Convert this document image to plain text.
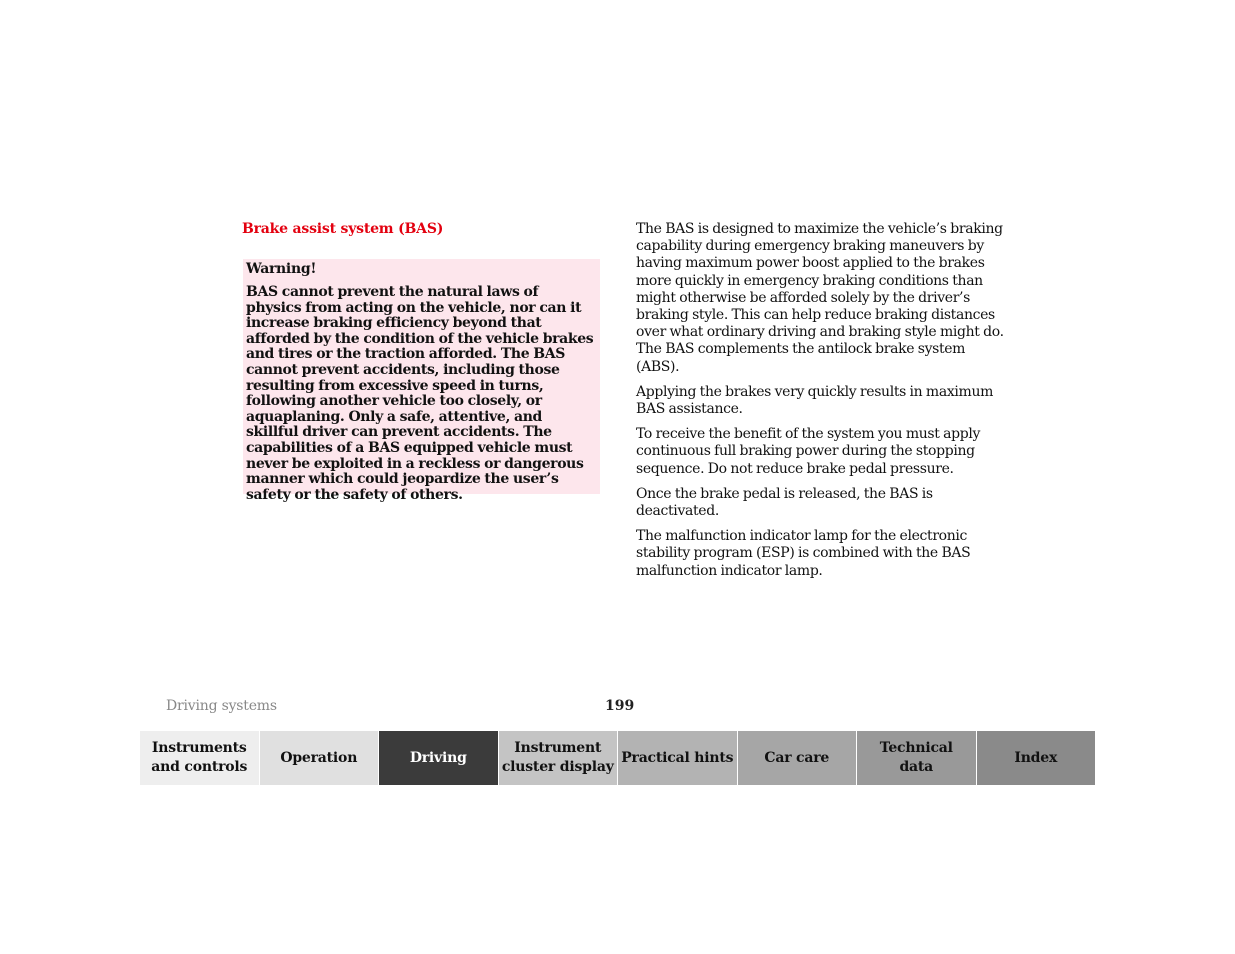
Brake assist system (BAS)

Warning!

BAS cannot prevent the natural laws of physics from acting on the vehicle, nor can it increase braking efficiency beyond that afforded by the condition of the vehicle brakes and tires or the traction afforded. The BAS cannot prevent accidents, including those resulting from excessive speed in turns, following another vehicle too closely, or aquaplaning. Only a safe, attentive, and skillful driver can prevent accidents. The capabilities of a BAS equipped vehicle must never be exploited in a reckless or dangerous manner which could jeopardize the user’s safety or the safety of others.

The BAS is designed to maximize the vehicle’s braking capability during emergency braking maneuvers by having maximum power boost applied to the brakes more quickly in emergency braking conditions than might otherwise be afforded solely by the driver’s braking style. This can help reduce braking distances over what ordinary driving and braking style might do. The BAS complements the antilock brake system (ABS).

Applying the brakes very quickly results in maximum BAS assistance.

To receive the benefit of the system you must apply continuous full braking power during the stopping sequence. Do not reduce brake pedal pressure.

Once the brake pedal is released, the BAS is deactivated.

The malfunction indicator lamp for the electronic stability program (ESP) is combined with the BAS malfunction indicator lamp.

Driving systems	199
Instruments
and controls
Operation	Driving
Instrument
cluster display
Practical hints	Car care
Technical
data
Index
